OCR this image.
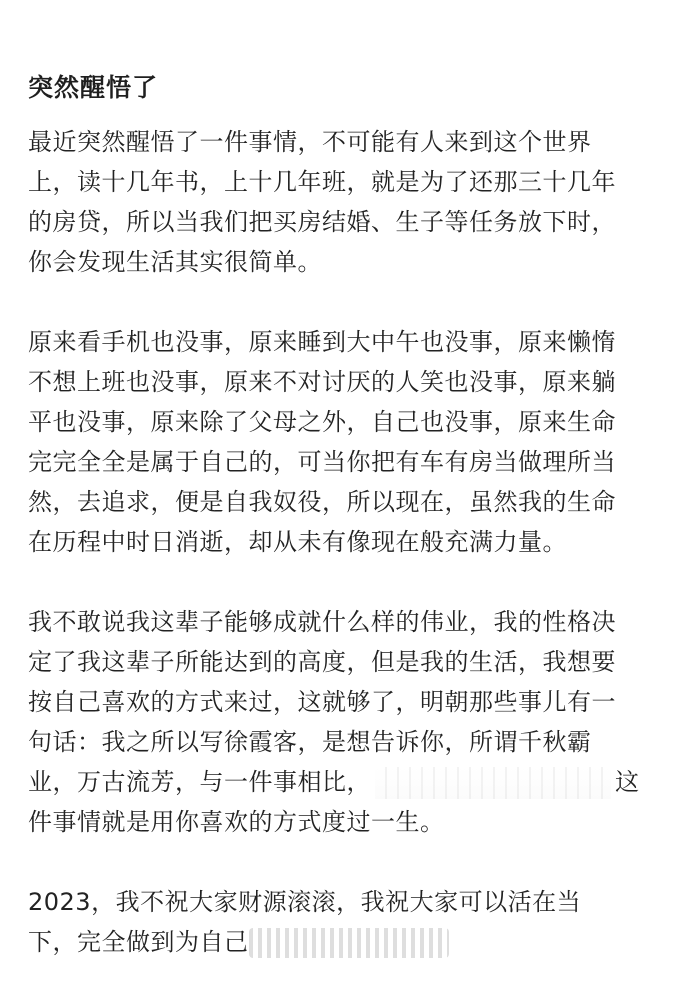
突然醒悟了
最近突然醒悟了一件事情，不可能有人来到这个世界
上，读十几年书，上十几年班，就是为了还那三十几年
的房贷，所以当我们把买房结婚、生子等任务放下时，
你会发现生活其实很简单。
原来看手机也没事，原来睡到大中午也没事，原来懒惰
不想上班也没事，原来不对讨厌的人笑也没事，原来躺
平也没事，原来除了父母之外，自己也没事，原来生命
完完全全是属于自己的，可当你把有车有房当做理所当
然，去追求，便是自我奴役，所以现在，虽然我的生命
在历程中时日消逝，却从未有像现在般充满力量。
我不敢说我这辈子能够成就什么样的伟业，我的性格决
定了我这辈子所能达到的高度，但是我的生活，我想要
按自己喜欢的方式来过，这就够了，明朝那些事儿有一
句话：我之所以写徐霞客，是想告诉你，所谓千秋霸
业，万古流芳，与一件事相比，	这
件事情就是用你喜欢的方式度过一生。
2023，我不祝大家财源滚滚，我祝大家可以活在当
下，完全做到为自己
